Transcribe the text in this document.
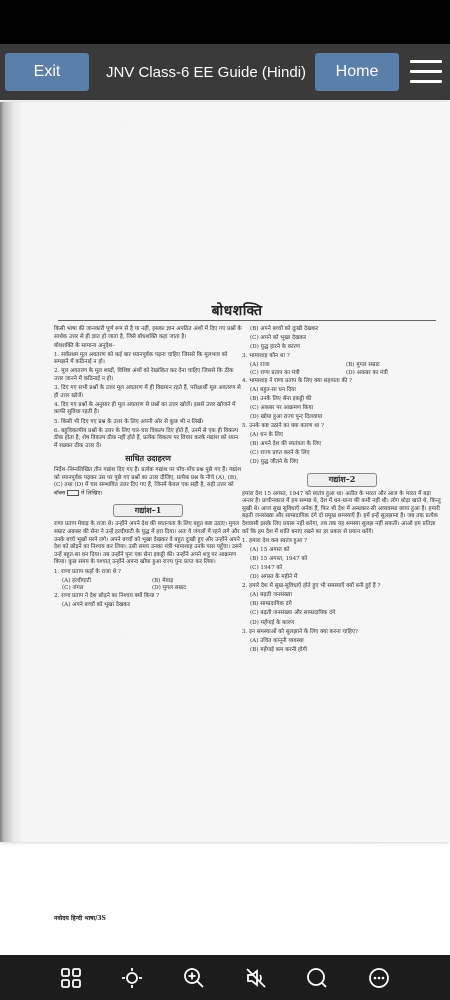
Exit	JNV Class-6 EE Guide (Hindi)	Home
बोधशक्ति

किसी भाषा की जानकारी पूर्ण रूप से है या नहीं, इसका ज्ञान अपठित अंशों में दिए गए प्रश्नों के सार्थक उत्तर से ही ज्ञात हो जाता है, जिसे बोधशक्ति कहा जाता है।

बोधशक्ति के सामान्य अनुदेश–

1. सर्वप्रथम मूल अवतरण को कई बार ध्यानपूर्वक पढ़ना चाहिए जिससे कि मूलभाव को समझने में कठिनाई न हो।

2. मूल अवतरण के मूल शब्दों, विशिष्ट अंशों को रेखांकित कर देना चाहिए जिससे कि ठीक उत्तर जानने में कठिनाई न हो।

3. दिए गए सभी प्रश्नों के उत्तर मूल अवतरण में ही विद्यमान रहते हैं, परीक्षार्थी मूल अवतरण से ही उत्तर खोजें।

4. दिए गए प्रश्नों के अनुसार ही मूल अवतरण से प्रश्नों का उत्तर खोजें। इससे उत्तर खोजने में काफी सुविधा रहती है।

5. किसी भी दिए गए प्रश्न के उत्तर के लिए अपनी ओर से कुछ भी न लिखें।

6. बहुविकल्पीय प्रश्नों के उत्तर के लिए चार-चार विकल्प दिए होते हैं, उनमें से एक ही विकल्प ठीक होता है, शेष विकल्प ठीक नहीं होते हैं, प्रत्येक विकल्प पर विचार करके गद्यांश को ध्यान में रखकर ठीक उत्तर दें।

साधित उदाहरण

निर्देश–निम्नलिखित तीन गद्यांश दिए गए हैं। प्रत्येक गद्यांश पर पाँच-पाँच प्रश्न पूछे गए हैं। गद्यांश को ध्यानपूर्वक पढ़कर उस पर पूछे गए प्रश्नों का उत्तर दीजिए, प्रत्येक प्रश्न के नीचे (A), (B), (C) तथा (D) में चार सम्भावित उत्तर दिए गए हैं, जिनमें केवल एक सही है, सही उत्तर को बॉक्स	में लिखिए।

गद्यांश–1

राणा प्रताप मेवाड़ के राजा थे। उन्होंने अपने देश की स्वतन्त्रता के लिए बहुत कष्ट उठाए। मुगल सम्राट अकबर की सेना ने उन्हें हल्दीघाटी के युद्ध में हरा दिया। अतः वे जंगलों में रहने लगे और उनके बच्चे भूखों मरने लगे। अपने बच्चों को भूखा देखकर वे बहुत दुःखी हुए और उन्होंने अपने देश को छोड़ने का निश्चय कर लिया। उसी समय उनका मंत्री भामाशाह उनके पास पहुँचा। उसने उन्हें बहुत-सा धन दिया। तब उन्होंने पुनः एक सेना इकट्ठी की। उन्होंने अपने शत्रु पर आक्रमण किया। कुछ समय के पश्चात् उन्होंने अपना खोया हुआ राज्य पुनः प्राप्त कर लिया।

1. राणा प्रताप कहाँ के राजा थे ?

(A) हल्दीघाटी	(B) मेवाड़
(C) जंगल	(D) मुगल सम्राट

2. राणा प्रताप ने देश छोड़ने का निश्चय क्यों किया ?

(A) अपने बच्चों को भूखा देखकर

(B) अपने बच्चों को दुःखी देखकर

(C) अपने को भूखा देखकर

(D) युद्ध हारने के कारण

3. भामाशाह कौन था ?

(A) राजा	(B) मुगल सम्राट
(C) राणा प्रताप का मंत्री	(D) अकबर का मंत्री

4. भामाशाह ने राणा प्रताप के लिए क्या सहायता की ?

(A) बहुत-सा धन दिया

(B) उनके लिए सेना इकट्ठी की

(C) अकबर पर आक्रमण किया

(D) खोया हुआ राज्य पुनः दिलवाया

5. उनके कष्ट उठाने का क्या कारण था ?

(A) धन के लिए

(B) अपने देश की स्वतंत्रता के लिए

(C) राज्य प्राप्त करने के लिए

(D) युद्ध जीतने के लिए

गद्यांश–2

हमारा देश 15 अगस्त, 1947 को स्वतंत्र हुआ था। अतीत के भारत और आज के भारत में बड़ा अन्तर है। प्राचीनकाल में हम सम्पन्न थे, देश में धन-धान्य की कमी नहीं थी। लोग थोड़ा खाते थे, किन्तु सुखी थे। आज सुख सुविधाएँ अनेक हैं, फिर भी देश में अन्धकार-सी अव्यवस्था छाया हुआ है। हमारी बढ़ती जनसंख्या और साम्प्रदायिक दंगे दो प्रमुख समस्याएँ हैं। हमें इन्हें सुलझाना है। जब तक प्रत्येक देशवासी इसके लिए प्रयास नहीं करेगा, तब तक यह समस्या सुलझ नहीं सकती। आओ हम प्रतिज्ञा करें कि हम देश में शांति बनाए रखने का हर प्रकार से प्रयत्न करेंगे।

1. हमारा देश कब स्वतंत्र हुआ ?

(A) 15 अगस्त को

(B) 15 अगस्त, 1947 को

(C) 1947 को

(D) अगस्त के महीने में

2. हमारे देश में सुख-सुविधाएँ होते हुए भी समस्याएँ क्यों बनी हुई हैं ?

(A) बढ़ती जनसंख्या

(B) साम्प्रदायिक दंगे

(C) बढ़ती जनसंख्या और साम्प्रदायिक दंगे

(D) महँगाई के कारण

3. इन समस्याओं को सुलझाने के लिए क्या करना चाहिए?

(A) उचित कानूनी व्यवस्था

(B) महँगाई कम करनी होगी

नवोदय हिन्दी भाषा/3S
